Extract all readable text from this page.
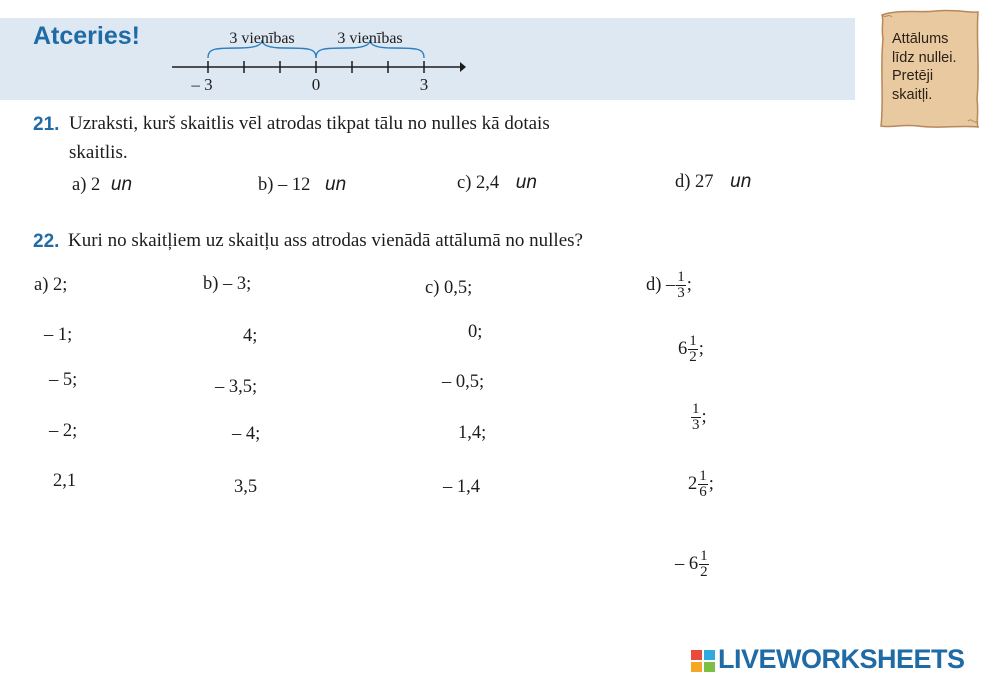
Atceries!	3 vienības	3 vienības
– 3	0	3
Attālums
līdz nullei.
Pretēji
skaitļi.
21. Uzraksti, kurš skaitlis vēl atrodas tikpat tālu no nulles kā dotais
skaitlis.
a) 2 un	b) – 12 un	c) 2,4 un	d) 27 un
22. Kuri no skaitļiem uz skaitļu ass atrodas vienādā attālumā no nulles?
a) 2;
– 1;
– 5;
– 2;
2,1
b) – 3;
4;
– 3,5;
– 4;
3,5
c) 0,5;
0;
– 0,5;
1,4;
– 1,4
$d) - \frac{1}{3}$ ;
$6 \frac{1}{2}$ ;
$\frac{1}{3}$ ;
$2 \frac{1}{6}$ ;
– $6 \frac{1}{2}$
LIVEWORKSHEETS
